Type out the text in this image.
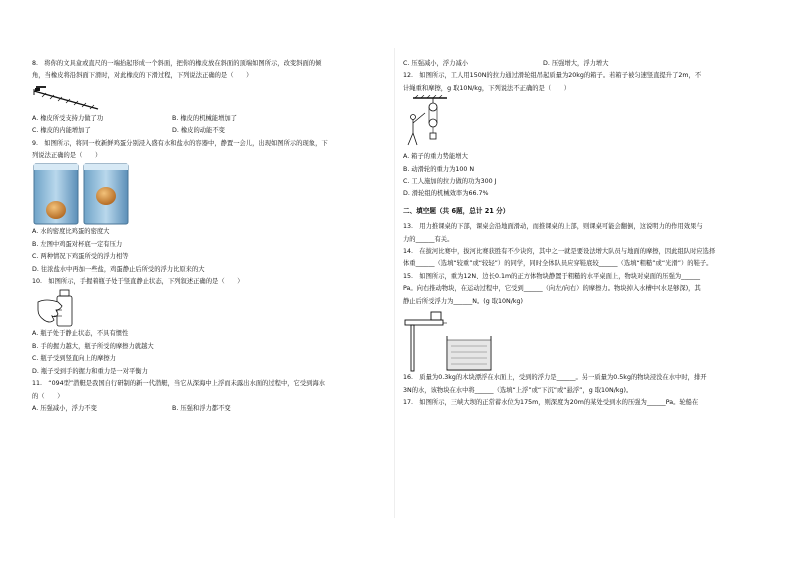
8.　将你的文具盒或直尺的一端抬起形成一个斜面，把你的橡皮放在斜面的顶端如图所示，改变斜面的倾
角，当橡皮将沿斜面下滑时，对此橡皮的下滑过程，下列说法正确的是（　　）
A. 橡皮所受支持力做了功	B. 橡皮的机械能增加了
C. 橡皮的内能增加了	D. 橡皮的动能不变
9.　如图所示，将同一枚新鲜鸡蛋分别浸入盛有水和盐水的容器中，静置一会儿，出现如图所示的现象，下
列说法正确的是（　　）
A. 水的密度比鸡蛋的密度大
B. 左图中鸡蛋对杯底一定有压力
C. 两种情况下鸡蛋所受的浮力相等
D. 往浓盐水中再加一些盐，鸡蛋静止后所受的浮力比原来的大
10.　如图所示，手握着瓶子处于竖直静止状态，下列叙述正确的是（　　）
A. 瓶子处于静止状态，不具有惯性
B. 手的握力越大，瓶子所受的摩擦力就越大
C. 瓶子受到竖直向上的摩擦力
D. 瓶子受到手的握力和重力是一对平衡力
11.　“094型”潜艇是我国自行研制的新一代潜艇，当它从深海中上浮而未露出水面的过程中，它受到海水
的（　　）
A. 压强减小，浮力不变	B. 压强和浮力都不变
C. 压强减小，浮力减小	D. 压强增大，浮力增大
12.　如图所示，工人用150N的拉力通过滑轮组吊起质量为20kg的箱子。若箱子被匀速竖直提升了2m，不
计绳重和摩擦，g 取10N/kg，下列说法不正确的是（　　）
A. 箱子的重力势能增大
B. 动滑轮的重力为100 N
C. 工人施加的拉力做的功为300 J
D. 滑轮组的机械效率为66.7%
二、填空题（共 6题，总计 21 分）
13.　用力推课桌的下部，课桌会沿地面滑动，而推课桌的上部，则课桌可能会翻倒，这说明力的作用效果与
力的______有关。
14.　在拔河比赛中，拔河比赛获胜有不少诀窍，其中之一就是要设法增大队员与地面的摩擦，因此组队时应选择
体重______（选填“较重”或“较轻”）的同学，同时全体队员应穿鞋底较______（选填“粗糙”或“光滑”）的鞋子。
15.　如图所示，重为12N、边长0.1m的正方体物块静置于粗糙的水平桌面上，物块对桌面的压强为______
Pa。向右推动物块，在运动过程中，它受到______（向左/向右）的摩擦力。物块掉入水槽中(水足够深)，其
静止后所受浮力为______N。(g 取10N/kg)
16.　质量为0.3kg的木块漂浮在水面上，受到的浮力是______。另一质量为0.5kg的物块浸没在水中时，排开
3N的水，该物块在水中将______（选填“上浮”或“下沉”或“悬浮”，g 取10N/kg)。
17.　如图所示，三峡大坝的正常蓄水位为175m，则深度为20m的某处受到水的压强为______Pa。轮船在
